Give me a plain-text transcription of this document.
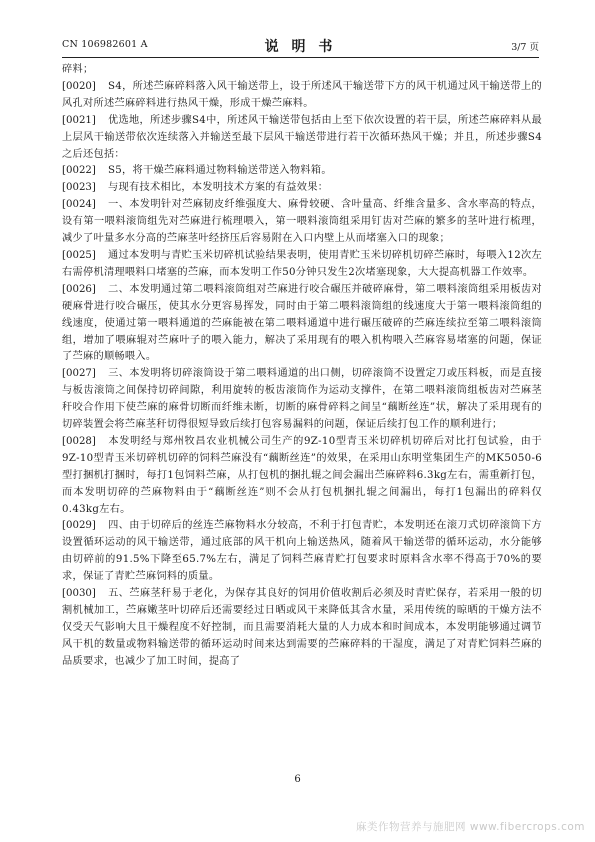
CN 106982601 A	说 明 书	3/7 页

碎料；

[0020] S4，所述苎麻碎料落入风干输送带上，设于所述风干输送带下方的风干机通过风干输送带上的风孔对所述苎麻碎料进行热风干燥，形成干燥苎麻料。

[0021] 优选地，所述步骤S4中，所述风干输送带包括由上至下依次设置的若干层，所述苎麻碎料从最上层风干输送带依次连续落入并输送至最下层风干输送带进行若干次循环热风干燥；并且，所述步骤S4之后还包括：

[0022] S5，将干燥苎麻料通过物料输送带送入物料箱。

[0023] 与现有技术相比，本发明技术方案的有益效果：

[0024] 一、本发明针对苎麻韧皮纤维强度大、麻骨较硬、含叶量高、纤维含量多、含水率高的特点，设有第一喂料滚筒组先对苎麻进行梳理喂入，第一喂料滚筒组采用钉齿对苎麻的繁多的茎叶进行梳理，减少了叶量多水分高的苎麻茎叶经挤压后容易附在入口内壁上从而堵塞入口的现象；

[0025] 通过本发明与青贮玉米切碎机试验结果表明，使用青贮玉米切碎机切碎苎麻时，每喂入12次左右需停机清理喂料口堵塞的苎麻，而本发明工作50分钟只发生2次堵塞现象，大大提高机器工作效率。

[0026] 二、本发明通过第二喂料滚筒组对苎麻进行咬合碾压并破碎麻骨，第二喂料滚筒组采用板齿对硬麻骨进行咬合碾压，使其水分更容易挥发，同时由于第二喂料滚筒组的线速度大于第一喂料滚筒组的线速度，使通过第一喂料通道的苎麻能被在第二喂料通道中进行碾压破碎的苎麻连续拉至第二喂料滚筒组，增加了喂麻辊对苎麻叶子的喂入能力，解决了采用现有的喂入机构喂入苎麻容易堵塞的问题，保证了苎麻的顺畅喂入。

[0027] 三、本发明将切碎滚筒设于第二喂料通道的出口侧，切碎滚筒不设置定刀或压料板，而是直接与板齿滚筒之间保持切碎间隙，利用旋转的板齿滚筒作为运动支撑件，在第二喂料滚筒组板齿对苎麻茎秆咬合作用下使苎麻的麻骨切断而纤维未断，切断的麻骨碎料之间呈“藕断丝连”状，解决了采用现有的切碎装置会将苎麻茎秆切得很短导致后续打包容易漏料的问题，保证后续打包工作的顺利进行；

[0028] 本发明经与郑州牧昌农业机械公司生产的9Z-10型青玉米切碎机切碎后对比打包试验，由于9Z-10型青玉米切碎机切碎的饲料苎麻没有“藕断丝连”的效果，在采用山东明堂集团生产的MK5050-6型打捆机打捆时，每打1包饲料苎麻，从打包机的捆扎辊之间会漏出苎麻碎料6.3kg左右，需重新打包，而本发明切碎的苎麻物料由于“藕断丝连”则不会从打包机捆扎辊之间漏出，每打1包漏出的碎料仅0.43kg左右。

[0029] 四、由于切碎后的丝连苎麻物料水分较高，不利于打包青贮，本发明还在滚刀式切碎滚筒下方设置循环运动的风干输送带，通过底部的风干机向上输送热风，随着风干输送带的循环运动，水分能够由切碎前的91.5%下降至65.7%左右，满足了饲料苎麻青贮打包要求时原料含水率不得高于70%的要求，保证了青贮苎麻饲料的质量。

[0030] 五、苎麻茎秆易于老化，为保存其良好的饲用价值收割后必须及时青贮保存，若采用一般的切割机械加工，苎麻嫩茎叶切碎后还需要经过日晒或风干来降低其含水量，采用传统的晾晒的干燥方法不仅受天气影响大且干燥程度不好控制，而且需要消耗大量的人力成本和时间成本，本发明能够通过调节风干机的数量或物料输送带的循环运动时间来达到需要的苎麻碎料的干湿度，满足了对青贮饲料苎麻的品质要求，也减少了加工时间，提高了

6
麻类作物营养与施肥网 www.fibercrops.com
